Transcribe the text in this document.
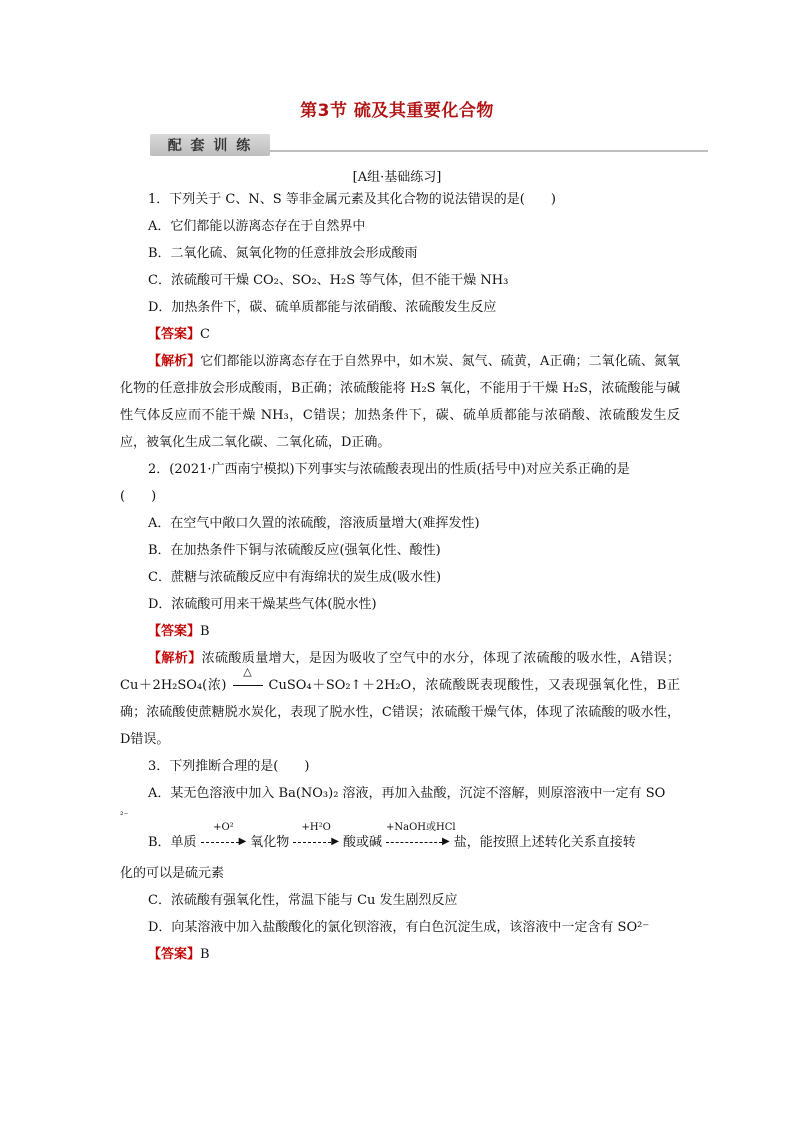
第3节 硫及其重要化合物
配 套 训 练
[A组·基础练习]
1．下列关于 C、N、S 等非金属元素及其化合物的说法错误的是(　　)
A．它们都能以游离态存在于自然界中
B．二氧化硫、氮氧化物的任意排放会形成酸雨
C．浓硫酸可干燥 CO₂、SO₂、H₂S 等气体，但不能干燥 NH₃
D．加热条件下，碳、硫单质都能与浓硝酸、浓硫酸发生反应
【答案】C
【解析】它们都能以游离态存在于自然界中，如木炭、氮气、硫黄，A正确；二氧化硫、氮氧化物的任意排放会形成酸雨，B正确；浓硫酸能将 H₂S 氧化，不能用于干燥 H₂S，浓硫酸能与碱性气体反应而不能干燥 NH₃，C错误；加热条件下，碳、硫单质都能与浓硝酸、浓硫酸发生反应，被氧化生成二氧化碳、二氧化硫，D正确。
2．(2021·广西南宁模拟)下列事实与浓硫酸表现出的性质(括号中)对应关系正确的是
(　　)
A．在空气中敞口久置的浓硫酸，溶液质量增大(难挥发性)
B．在加热条件下铜与浓硫酸反应(强氧化性、酸性)
C．蔗糖与浓硫酸反应中有海绵状的炭生成(吸水性)
D．浓硫酸可用来干燥某些气体(脱水性)
【答案】B
【解析】浓硫酸质量增大，是因为吸收了空气中的水分，体现了浓硫酸的吸水性，A错误；Cu＋2H₂SO₄(浓)
△
CuSO₄＋SO₂↑＋2H₂O，浓硫酸既表现酸性，又表现强氧化性，B正确；浓硫酸使蔗糖脱水炭化，表现了脱水性，C错误；浓硫酸干燥气体，体现了浓硫酸的吸水性，D错误。
3．下列推断合理的是(　　)
A．某无色溶液中加入 Ba(NO₃)₂ 溶液，再加入盐酸，沉淀不溶解，则原溶液中一定有 SO
²⁻
B．单质
+O²
▶ 氧化物
+H²O
▶ 酸或碱
+NaOH或HCl
▶ 盐，能按照上述转化关系直接转
化的可以是硫元素
C．浓硫酸有强氧化性，常温下能与 Cu 发生剧烈反应
D．向某溶液中加入盐酸酸化的氯化钡溶液，有白色沉淀生成，该溶液中一定含有 SO²⁻
【答案】B
